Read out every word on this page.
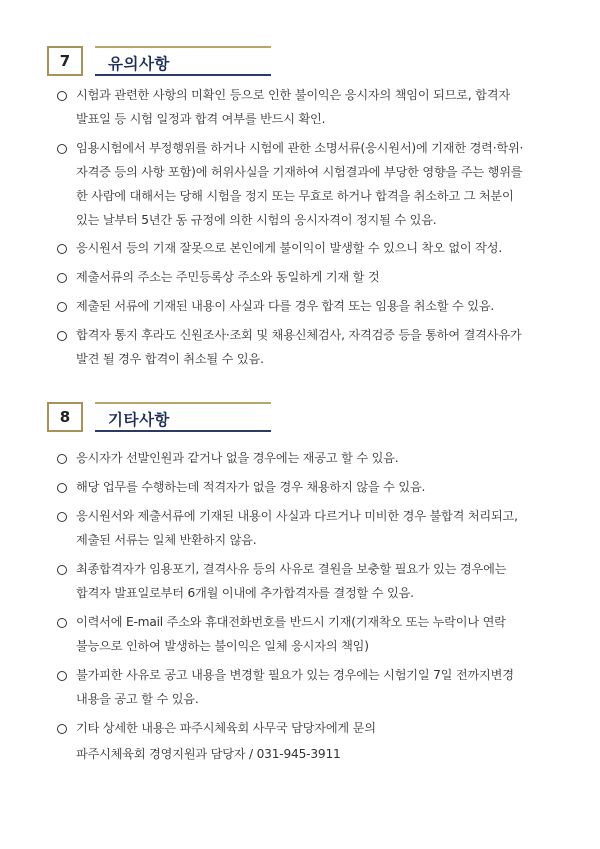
7	유의사항
시험과 관련한 사항의 미확인 등으로 인한 불이익은 응시자의 책임이 되므로, 합격자
발표일 등 시험 일정과 합격 여부를 반드시 확인.
임용시험에서 부정행위를 하거나 시험에 관한 소명서류(응시원서)에 기재한 경력·학위·
자격증 등의 사항 포함)에 허위사실을 기재하여 시험결과에 부당한 영향을 주는 행위를
한 사람에 대해서는 당해 시험을 정지 또는 무효로 하거나 합격을 취소하고 그 처분이
있는 날부터 5년간 동 규정에 의한 시험의 응시자격이 정지될 수 있음.
응시원서 등의 기재 잘못으로 본인에게 불이익이 발생할 수 있으니 착오 없이 작성.
제출서류의 주소는 주민등록상 주소와 동일하게 기재 할 것
제출된 서류에 기재된 내용이 사실과 다를 경우 합격 또는 임용을 취소할 수 있음.
합격자 통지 후라도 신원조사·조회 및 채용신체검사, 자격검증 등을 통하여 결격사유가
발견 될 경우 합격이 취소될 수 있음.
8	기타사항
응시자가 선발인원과 같거나 없을 경우에는 재공고 할 수 있음.
해당 업무를 수행하는데 적격자가 없을 경우 채용하지 않을 수 있음.
응시원서와 제출서류에 기재된 내용이 사실과 다르거나 미비한 경우 불합격 처리되고,
제출된 서류는 일체 반환하지 않음.
최종합격자가 임용포기, 결격사유 등의 사유로 결원을 보충할 필요가 있는 경우에는
합격자 발표일로부터 6개월 이내에 추가합격자를 결정할 수 있음.
이력서에 E-mail 주소와 휴대전화번호를 반드시 기재(기재착오 또는 누락이나 연락
불능으로 인하여 발생하는 불이익은 일체 응시자의 책임)
불가피한 사유로 공고 내용을 변경할 필요가 있는 경우에는 시험기일 7일 전까지변경
내용을 공고 할 수 있음.
기타 상세한 내용은 파주시체육회 사무국 담당자에게 문의
파주시체육회 경영지원과 담당자 / 031-945-3911
